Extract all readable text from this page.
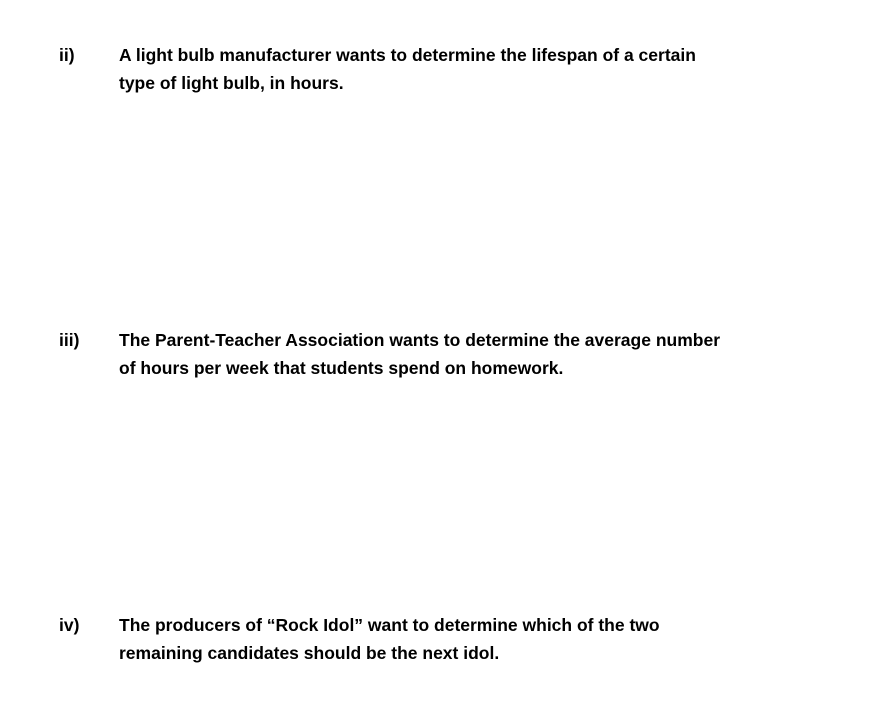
ii)	A light bulb manufacturer wants to determine the lifespan of a certain
type of light bulb, in hours.
iii) The Parent-Teacher Association wants to determine the average number
of hours per week that students spend on homework.
iv) The producers of “Rock Idol” want to determine which of the two
remaining candidates should be the next idol.
